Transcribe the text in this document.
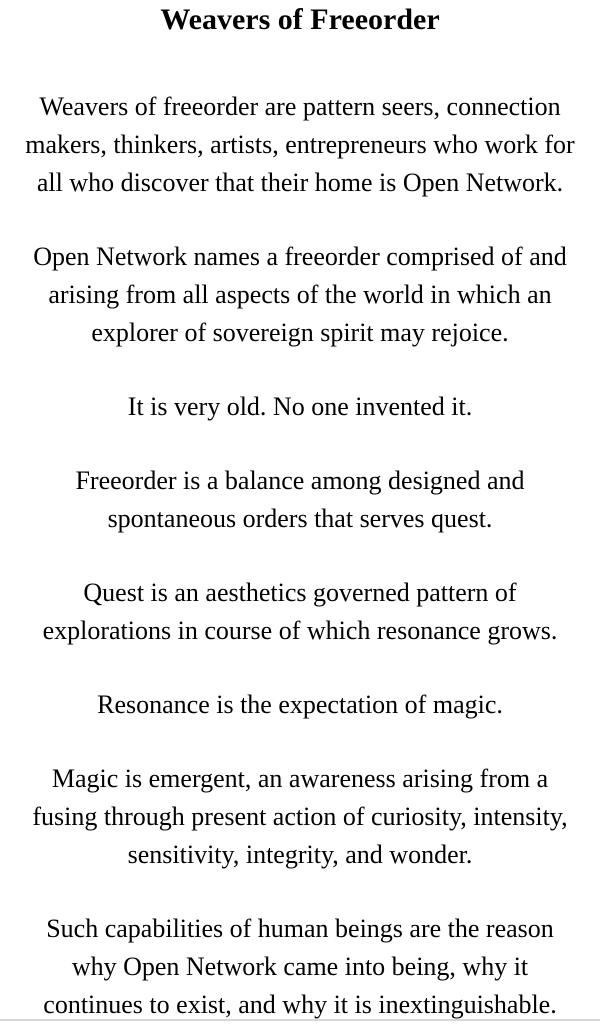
Weavers of Freeorder

Weavers of freeorder are pattern seers, connection
makers, thinkers, artists, entrepreneurs who work for
all who discover that their home is Open Network.

Open Network names a freeorder comprised of and
arising from all aspects of the world in which an
explorer of sovereign spirit may rejoice.

It is very old. No one invented it.

Freeorder is a balance among designed and
spontaneous orders that serves quest.

Quest is an aesthetics governed pattern of
explorations in course of which resonance grows.

Resonance is the expectation of magic.

Magic is emergent, an awareness arising from a
fusing through present action of curiosity, intensity,
sensitivity, integrity, and wonder.

Such capabilities of human beings are the reason
why Open Network came into being, why it
continues to exist, and why it is inextinguishable.
